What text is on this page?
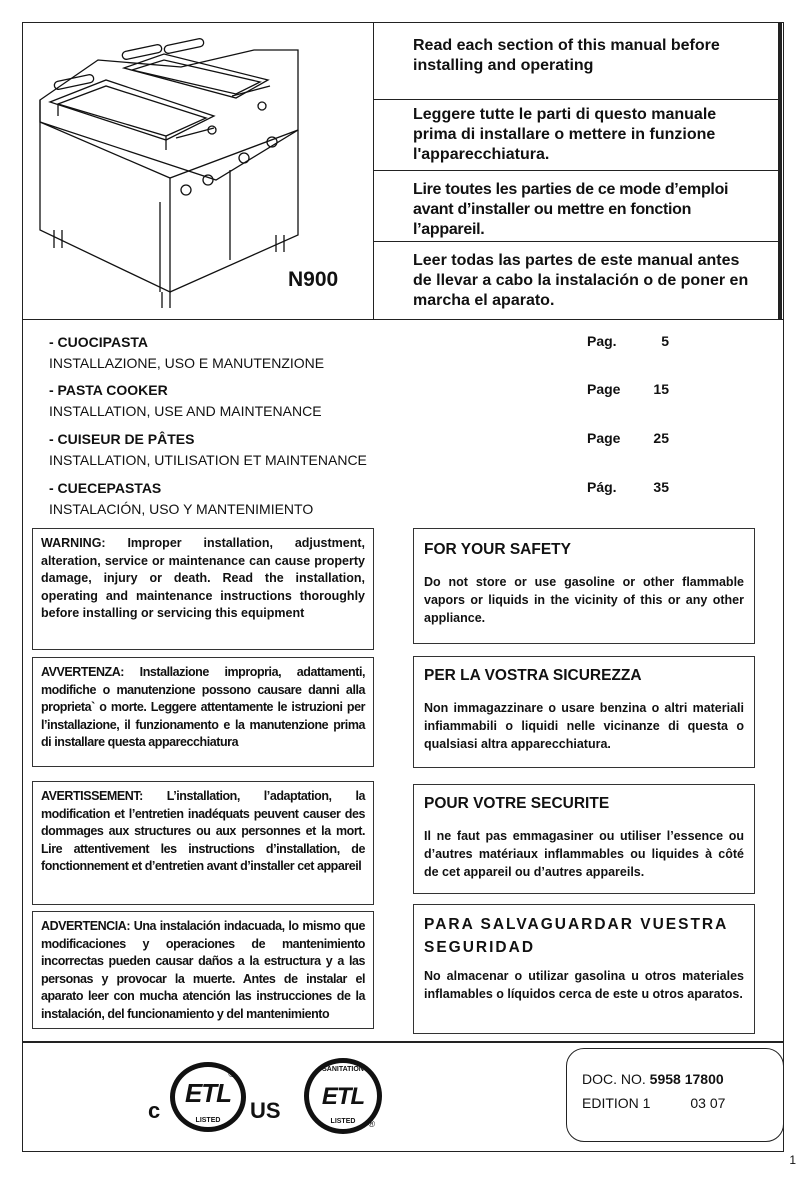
N900
Read each section of this manual before installing and operating
Leggere tutte le parti di questo manuale prima di installare o mettere in funzione l'apparecchiatura.
Lire toutes les parties de ce mode d’emploi avant d’installer ou mettre en fonction l’appareil.
Leer todas las partes de este manual antes de llevar a cabo la instalación o de poner en marcha el aparato.
- CUOCIPASTA
INSTALLAZIONE, USO E MANUTENZIONE
Pag.	5
- PASTA COOKER
INSTALLATION, USE AND MAINTENANCE
Page	15
- CUISEUR DE PÂTES
INSTALLATION, UTILISATION ET MAINTENANCE
Page	25
- CUECEPASTAS
INSTALACIÓN, USO Y MANTENIMIENTO
Pág.	35
WARNING: Improper installation, adjustment, alteration, service or maintenance can cause property damage, injury or death. Read the installation, operating and maintenance instructions thoroughly before installing or servicing this equipment
AVVERTENZA: Installazione impropria, adattamenti, modifiche o manutenzione possono causare danni alla proprieta` o morte. Leggere attentamente le istruzioni per l’installazione, il funzionamento e la manutenzione prima di installare questa apparecchiatura
AVERTISSEMENT: L’installation, l’adaptation, la modification et l’entretien inadéquats peuvent causer des dommages aux structures ou aux personnes et la mort. Lire attentivement les instructions d’installation, de fonctionnement et d’entretien avant d’installer cet appareil
ADVERTENCIA: Una instalación indacuada, lo mismo que modificaciones y operaciones de mantenimiento incorrectas pueden causar daños a la estructura y a las personas y provocar la muerte. Antes de instalar el aparato leer con mucha atención las instrucciones de la instalación, del funcionamiento y del mantenimiento
FOR YOUR SAFETY
Do not store or use gasoline or other flammable vapors or liquids in the vicinity of this or any other appliance.
PER LA VOSTRA SICUREZZA
Non immagazzinare o usare benzina o altri materiali infiammabili o liquidi nelle vicinanze di questa o qualsiasi altra apparecchiatura.
POUR VOTRE SECURITE
Il ne faut pas emmagasiner ou utiliser l’essence ou d’autres matériaux inflammables ou liquides à côté de cet appareil ou d’autres appareils.
PARA SALVAGUARDAR VUESTRA SEGURIDAD
No almacenar o utilizar gasolina u otros materiales inflamables o líquidos cerca de este u otros aparatos.
c	US
ETL
®
LISTED
SANITATION
ETL
LISTED	®
DOC. NO. 5958 17800
EDITION 1	03 07
1
